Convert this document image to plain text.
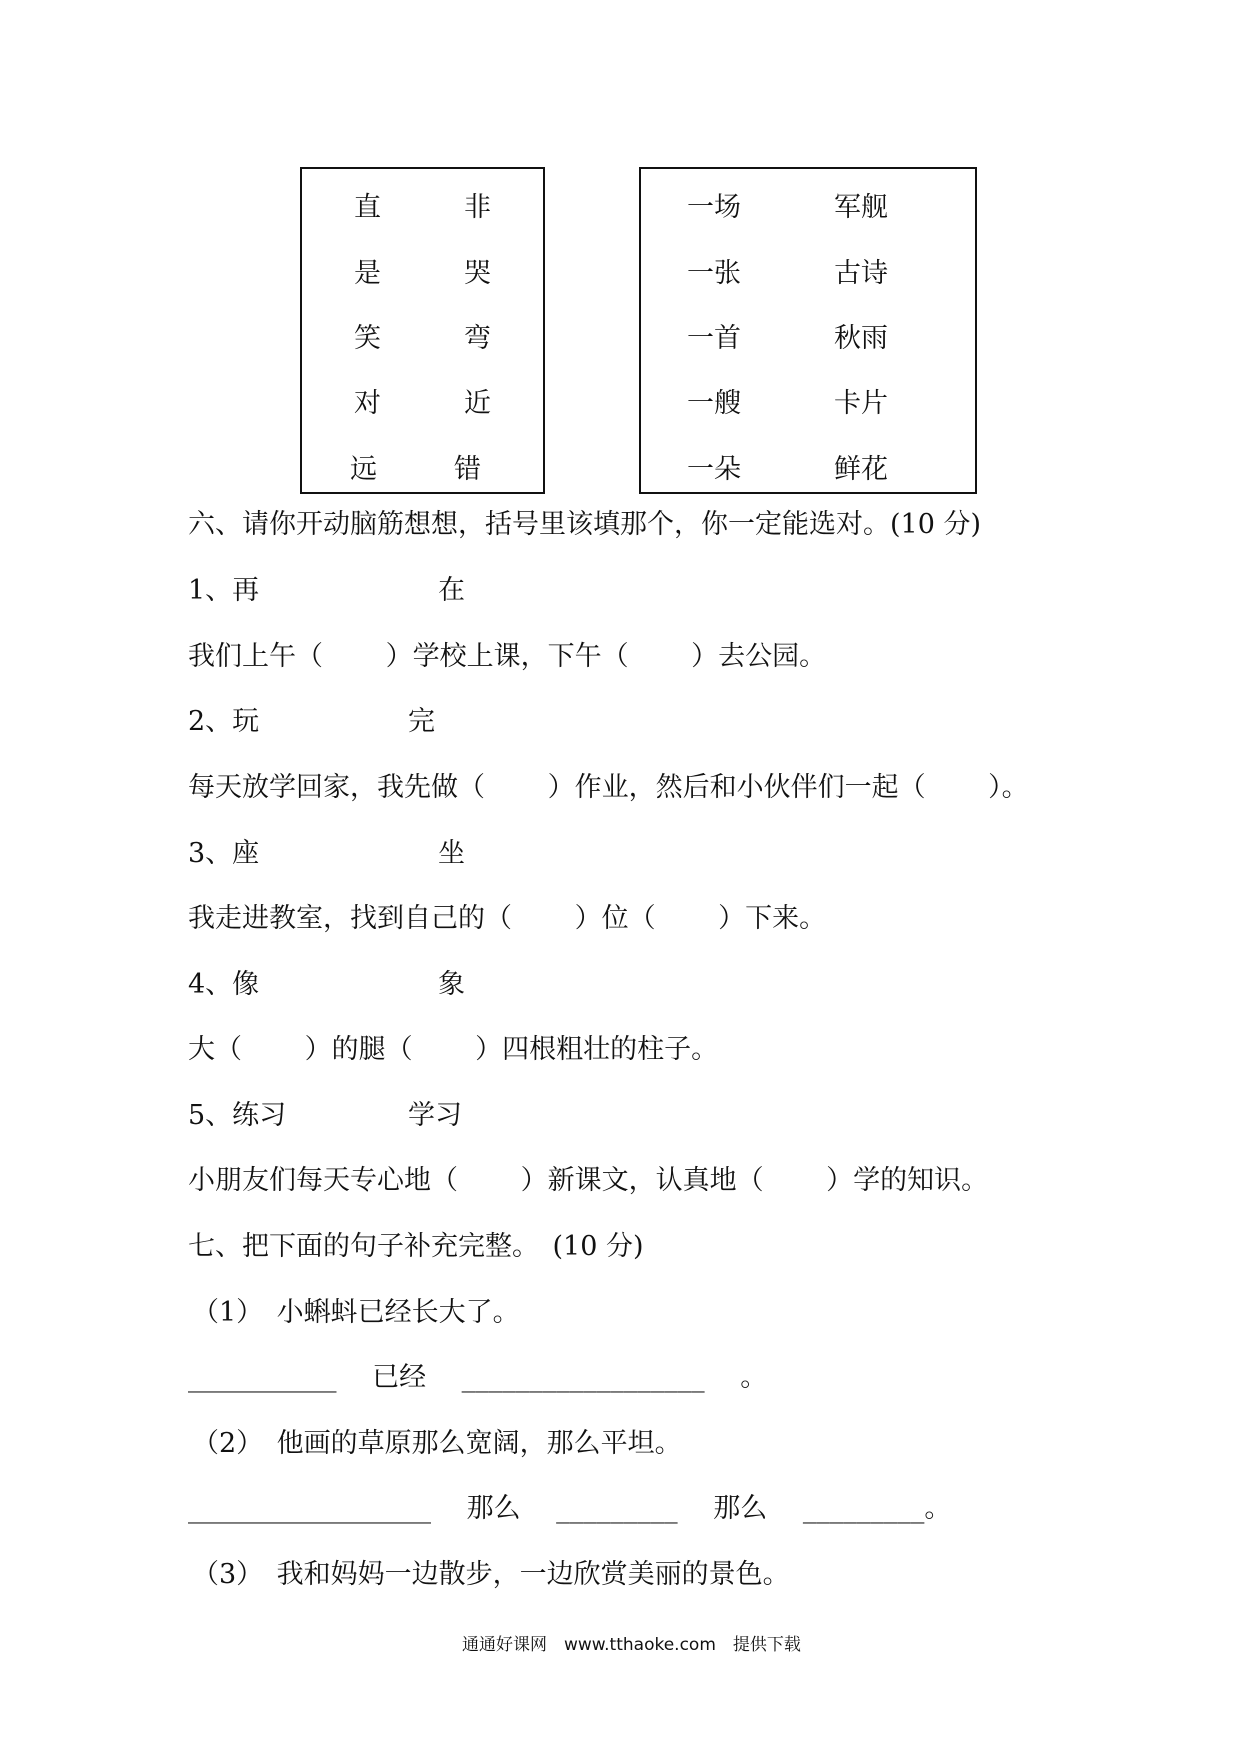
直	非
是	哭
笑	弯
对	近
远	错
一场	军舰
一张	古诗
一首	秋雨
一艘	卡片
一朵	鲜花
六、请你开动脑筋想想，括号里该填那个，你一定能选对。(10 分)
1、再	在
我们上午（　　 ）学校上课，下午（　　 ）去公园。
2、玩	完
每天放学回家，我先做（　　 ）作业，然后和小伙伴们一起（　　 ）。
3、座	坐
我走进教室，找到自己的（　　 ）位（　　 ）下来。
4、像	象
大（　　 ）的腿（　　 ）四根粗壮的柱子。
5、练习	学习
小朋友们每天专心地（　　 ）新课文，认真地（　　 ）学的知识。
七、把下面的句子补充完整。　(10 分)
（1）　小蝌蚪已经长大了。
___________　 已经　 __________________　 。
（2）　他画的草原那么宽阔，那么平坦。
__________________　 那么　 _________　 那么　 _________。
（3）　我和妈妈一边散步，一边欣赏美丽的景色。
通通好课网　www.tthaoke.com　提供下载
